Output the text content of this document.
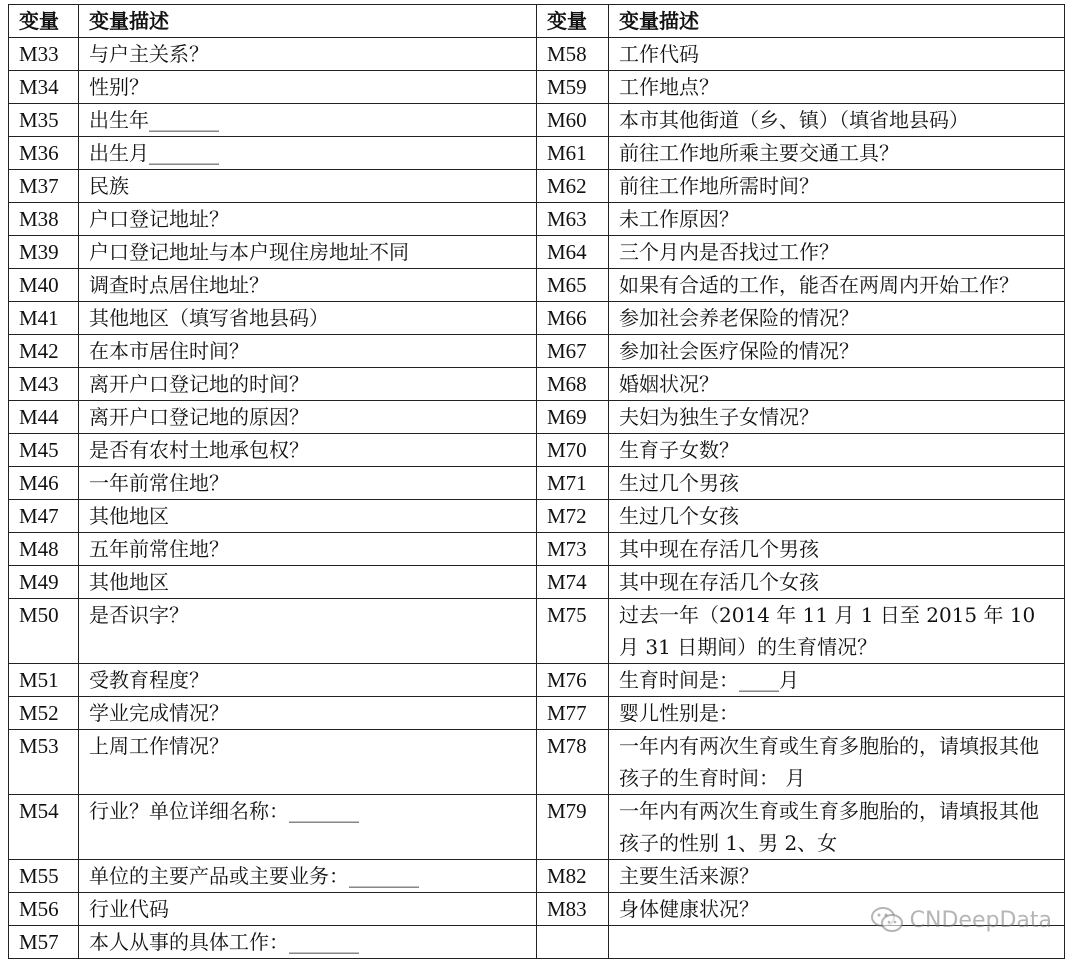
变量	变量描述	变量	变量描述
M33	与户主关系？	M58	工作代码
M34	性别？	M59	工作地点？
M35	出生年_______	M60	本市其他街道（乡、镇）（填省地县码）
M36	出生月_______	M61	前往工作地所乘主要交通工具？
M37	民族	M62	前往工作地所需时间？
M38	户口登记地址？	M63	未工作原因？
M39	户口登记地址与本户现住房地址不同	M64	三个月内是否找过工作？
M40	调查时点居住地址？	M65	如果有合适的工作，能否在两周内开始工作？
M41	其他地区（填写省地县码）	M66	参加社会养老保险的情况？
M42	在本市居住时间？	M67	参加社会医疗保险的情况？
M43	离开户口登记地的时间？	M68	婚姻状况？
M44	离开户口登记地的原因？	M69	夫妇为独生子女情况？
M45	是否有农村土地承包权？	M70	生育子女数？
M46	一年前常住地？	M71	生过几个男孩
M47	其他地区	M72	生过几个女孩
M48	五年前常住地？	M73	其中现在存活几个男孩
M49	其他地区	M74	其中现在存活几个女孩
M50	是否识字？	M75	过去一年（2014 年 11 月 1 日至 2015 年 10 月 31 日期间）的生育情况？
M51	受教育程度？	M76	生育时间是：____月
M52	学业完成情况？	M77	婴儿性别是：
M53	上周工作情况？	M78	一年内有两次生育或生育多胞胎的，请填报其他孩子的生育时间： 月
M54	行业？单位详细名称：_______	M79	一年内有两次生育或生育多胞胎的，请填报其他孩子的性别 1、男 2、女
M55	单位的主要产品或主要业务：_______	M82	主要生活来源？
M56	行业代码	M83	身体健康状况？
M57	本人从事的具体工作：_______		
CNDeepData
